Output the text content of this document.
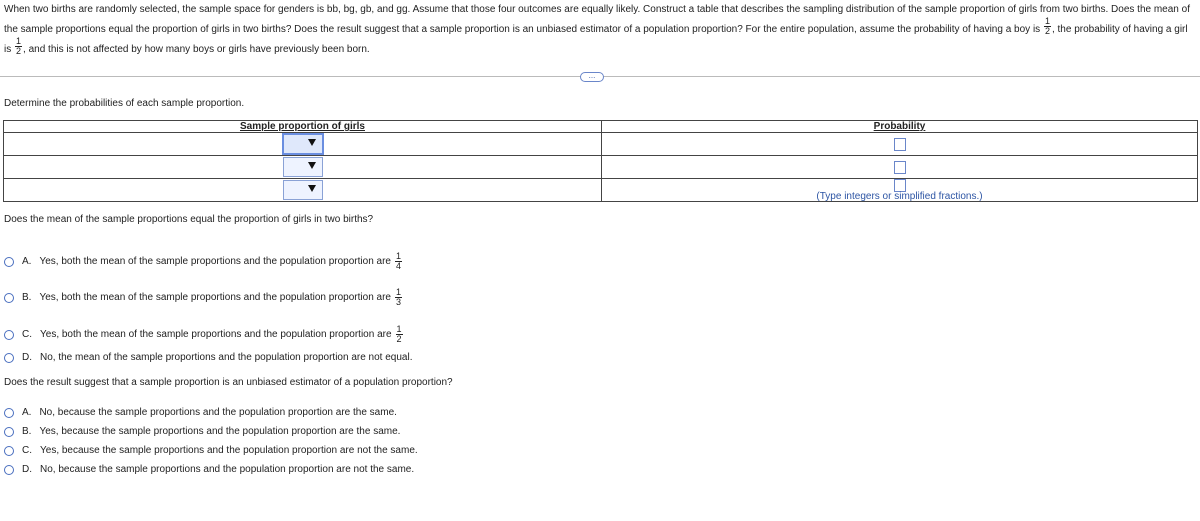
When two births are randomly selected, the sample space for genders is bb, bg, gb, and gg. Assume that those four outcomes are equally likely. Construct a table that describes the sampling distribution of the sample proportion of girls from two births. Does the mean of the sample proportions equal the proportion of girls in two births? Does the result suggest that a sample proportion is an unbiased estimator of a population proportion? For the entire population, assume the probability of having a boy is $\frac{1}{2}$ , the probability of having a girl is $\frac{1}{2}$ , and this is not affected by how many boys or girls have previously been born.
...
Determine the probabilities of each sample proportion.
Sample proportion of girls	Probability

	(Type integers or simplified fractions.)
Does the mean of the sample proportions equal the proportion of girls in two births?
A. Yes, both the mean of the sample proportions and the population proportion are $\frac{1}{4}$
B. Yes, both the mean of the sample proportions and the population proportion are $\frac{1}{3}$
C. Yes, both the mean of the sample proportions and the population proportion are $\frac{1}{2}$
D. No, the mean of the sample proportions and the population proportion are not equal.
Does the result suggest that a sample proportion is an unbiased estimator of a population proportion?
A. No, because the sample proportions and the population proportion are the same.
B. Yes, because the sample proportions and the population proportion are the same.
C. Yes, because the sample proportions and the population proportion are not the same.
D. No, because the sample proportions and the population proportion are not the same.
